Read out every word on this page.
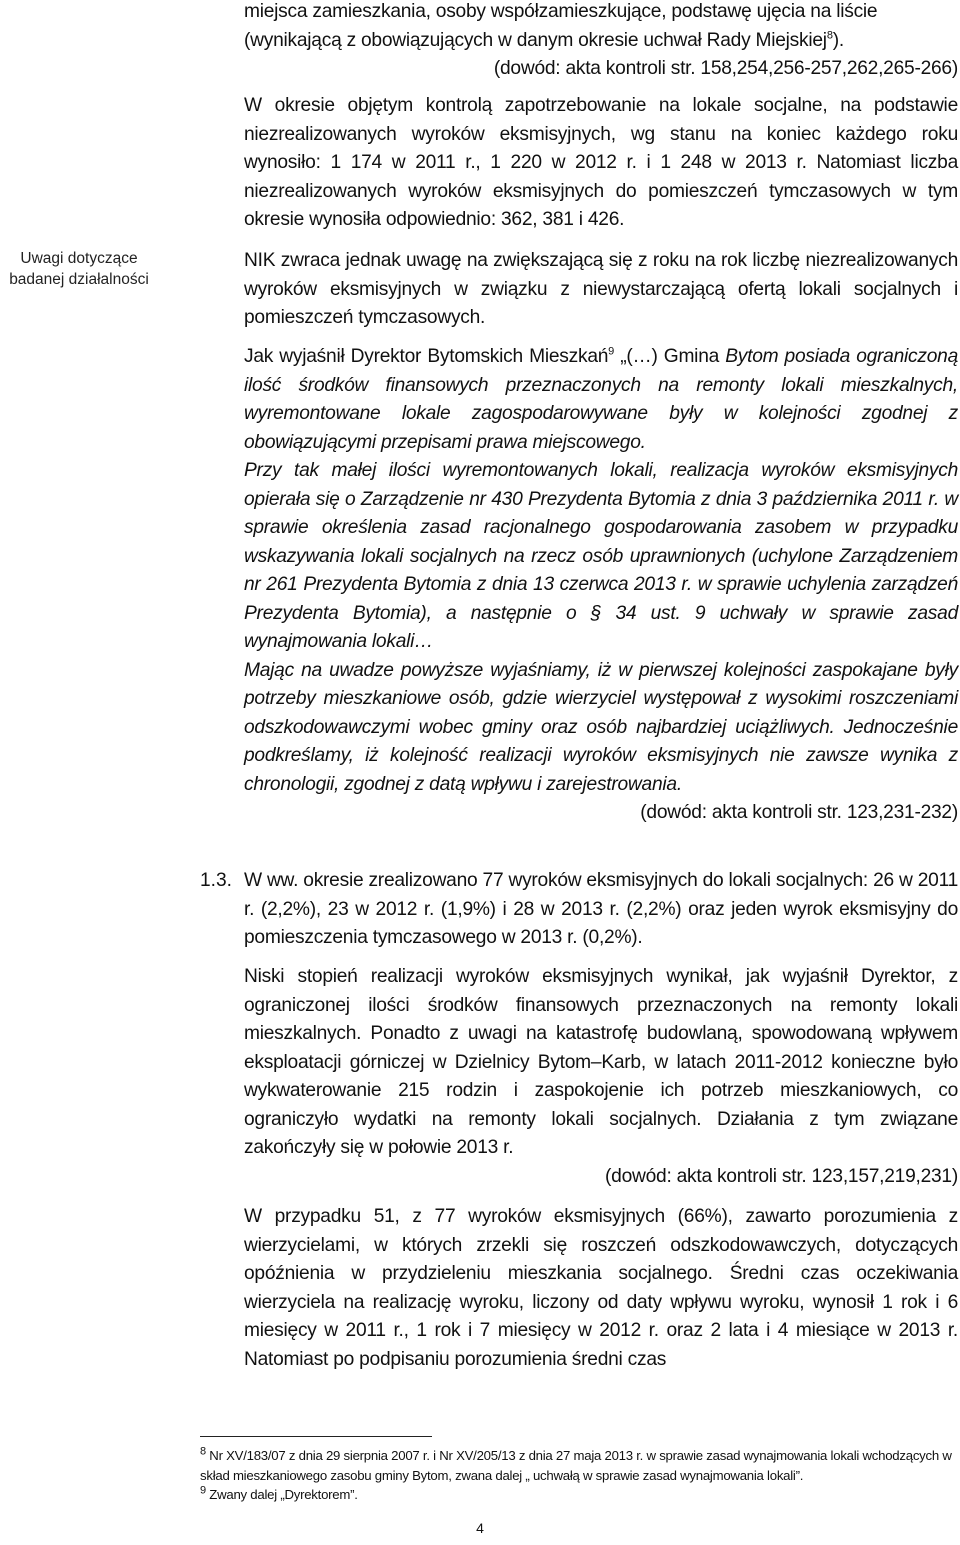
Uwagi dotyczące
badanej działalności

miejsca zamieszkania, osoby współzamieszkujące, podstawę ujęcia na liście

(wynikającą z obowiązujących w danym okresie uchwał Rady Miejskiej$^8$).

(dowód: akta kontroli str. 158,254,256-257,262,265-266)

W okresie objętym kontrolą zapotrzebowanie na lokale socjalne, na podstawie niezrealizowanych wyroków eksmisyjnych, wg stanu na koniec każdego roku wynosiło: 1 174 w 2011 r., 1 220 w 2012 r. i 1 248 w 2013 r. Natomiast liczba niezrealizowanych wyroków eksmisyjnych do pomieszczeń tymczasowych w tym okresie wynosiła odpowiednio: 362, 381 i 426.

NIK zwraca jednak uwagę na zwiększającą się z roku na rok liczbę niezrealizowanych wyroków eksmisyjnych w związku z niewystarczającą ofertą lokali socjalnych i pomieszczeń tymczasowych.

Jak wyjaśnił Dyrektor Bytomskich Mieszkań$^9$ „(…) Gmina Bytom posiada ograniczoną ilość środków finansowych przeznaczonych na remonty lokali mieszkalnych, wyremontowane lokale zagospodarowywane były w kolejności zgodnej z obowiązującymi przepisami prawa miejscowego.

Przy tak małej ilości wyremontowanych lokali, realizacja wyroków eksmisyjnych opierała się o Zarządzenie nr 430 Prezydenta Bytomia z dnia 3 października 2011 r. w sprawie określenia zasad racjonalnego gospodarowania zasobem w przypadku wskazywania lokali socjalnych na rzecz osób uprawnionych (uchylone Zarządzeniem nr 261 Prezydenta Bytomia z dnia 13 czerwca 2013 r. w sprawie uchylenia zarządzeń Prezydenta Bytomia), a następnie o § 34 ust. 9 uchwały w sprawie zasad wynajmowania lokali…

Mając na uwadze powyższe wyjaśniamy, iż w pierwszej kolejności zaspokajane były potrzeby mieszkaniowe osób, gdzie wierzyciel występował z wysokimi roszczeniami odszkodowawczymi wobec gminy oraz osób najbardziej uciążliwych. Jednocześnie podkreślamy, iż kolejność realizacji wyroków eksmisyjnych nie zawsze wynika z chronologii, zgodnej z datą wpływu i zarejestrowania.

(dowód: akta kontroli str. 123,231-232)

1.3. W ww. okresie zrealizowano 77 wyroków eksmisyjnych do lokali socjalnych: 26 w 2011 r. (2,2%), 23 w 2012 r. (1,9%) i 28 w 2013 r. (2,2%) oraz jeden wyrok eksmisyjny do pomieszczenia tymczasowego w 2013 r. (0,2%).

Niski stopień realizacji wyroków eksmisyjnych wynikał, jak wyjaśnił Dyrektor, z ograniczonej ilości środków finansowych przeznaczonych na remonty lokali mieszkalnych. Ponadto z uwagi na katastrofę budowlaną, spowodowaną wpływem eksploatacji górniczej w Dzielnicy Bytom–Karb, w latach 2011-2012 konieczne było wykwaterowanie 215 rodzin i zaspokojenie ich potrzeb mieszkaniowych, co ograniczyło wydatki na remonty lokali socjalnych. Działania z tym związane zakończyły się w połowie 2013 r.

(dowód: akta kontroli str. 123,157,219,231)

W przypadku 51, z 77 wyroków eksmisyjnych (66%), zawarto porozumienia z wierzycielami, w których zrzekli się roszczeń odszkodowawczych, dotyczących opóźnienia w przydzieleniu mieszkania socjalnego. Średni czas oczekiwania wierzyciela na realizację wyroku, liczony od daty wpływu wyroku, wynosił 1 rok i 6 miesięcy w 2011 r., 1 rok i 7 miesięcy w 2012 r. oraz 2 lata i 4 miesiące w 2013 r. Natomiast po podpisaniu porozumienia średni czas

$^8$ Nr XV/183/07 z dnia 29 sierpnia 2007 r. i Nr XV/205/13 z dnia 27 maja 2013 r. w sprawie zasad wynajmowania lokali wchodzących w skład mieszkaniowego zasobu gminy Bytom, zwana dalej „ uchwałą w sprawie zasad wynajmowania lokali”.

$^9$ Zwany dalej „Dyrektorem”.

4
